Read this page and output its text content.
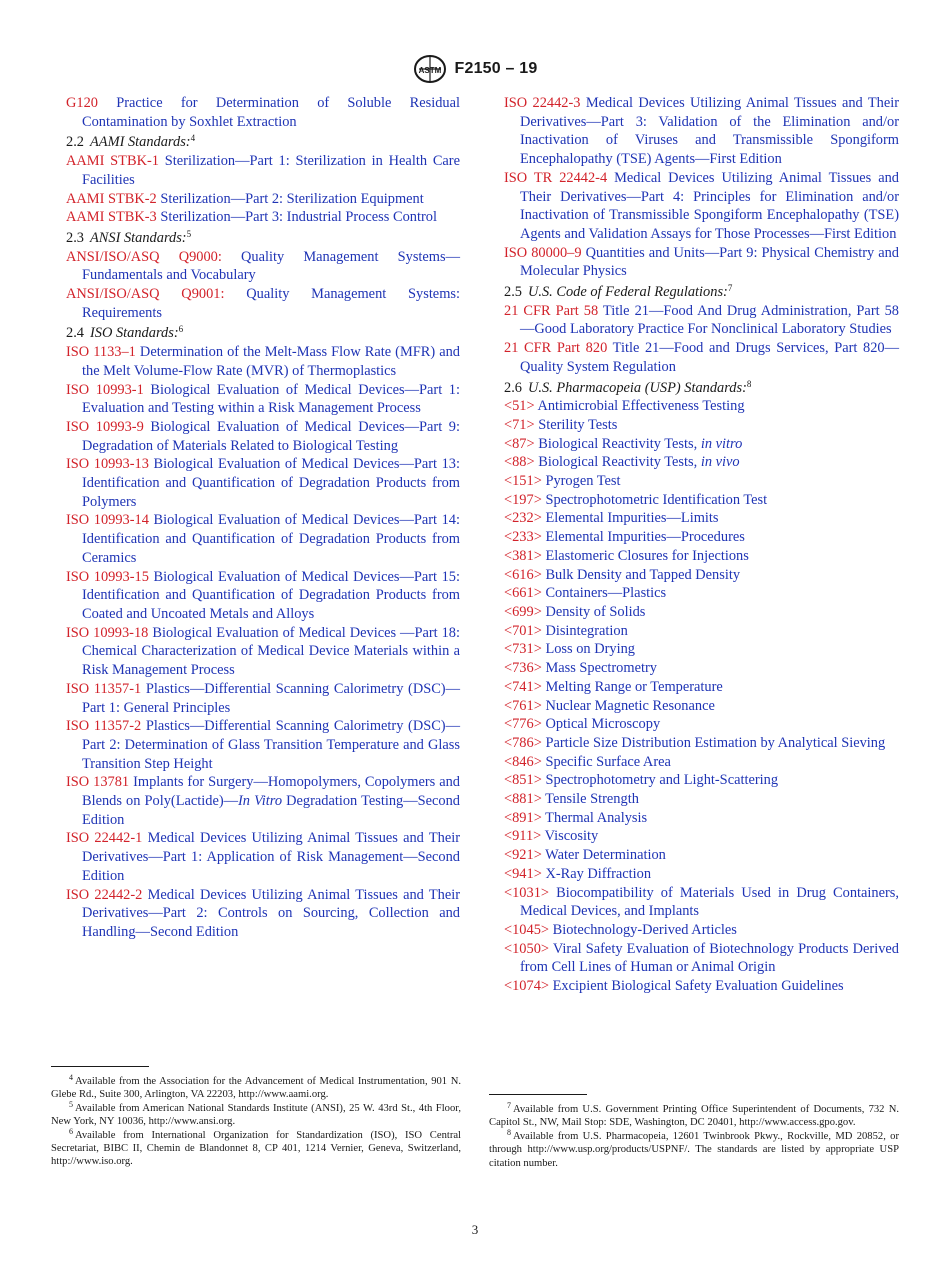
ASTM F2150 – 19
G120 Practice for Determination of Soluble Residual Contamination by Soxhlet Extraction
2.2 AAMI Standards:$^4$
AAMI STBK-1 Sterilization—Part 1: Sterilization in Health Care Facilities
AAMI STBK-2 Sterilization—Part 2: Sterilization Equipment
AAMI STBK-3 Sterilization—Part 3: Industrial Process Control
2.3 ANSI Standards:$^5$
ANSI/ISO/ASQ Q9000: Quality Management Systems—Fundamentals and Vocabulary
ANSI/ISO/ASQ Q9001: Quality Management Systems: Requirements
2.4 ISO Standards:$^6$
ISO 1133–1 Determination of the Melt-Mass Flow Rate (MFR) and the Melt Volume-Flow Rate (MVR) of Thermoplastics
ISO 10993-1 Biological Evaluation of Medical Devices—Part 1: Evaluation and Testing within a Risk Management Process
ISO 10993-9 Biological Evaluation of Medical Devices—Part 9: Degradation of Materials Related to Biological Testing
ISO 10993-13 Biological Evaluation of Medical Devices—Part 13: Identification and Quantification of Degradation Products from Polymers
ISO 10993-14 Biological Evaluation of Medical Devices—Part 14: Identification and Quantification of Degradation Products from Ceramics
ISO 10993-15 Biological Evaluation of Medical Devices—Part 15: Identification and Quantification of Degradation Products from Coated and Uncoated Metals and Alloys
ISO 10993-18 Biological Evaluation of Medical Devices —Part 18: Chemical Characterization of Medical Device Materials within a Risk Management Process
ISO 11357-1 Plastics—Differential Scanning Calorimetry (DSC)—Part 1: General Principles
ISO 11357-2 Plastics—Differential Scanning Calorimetry (DSC)—Part 2: Determination of Glass Transition Temperature and Glass Transition Step Height
ISO 13781 Implants for Surgery—Homopolymers, Copolymers and Blends on Poly(Lactide)—In Vitro Degradation Testing—Second Edition
ISO 22442-1 Medical Devices Utilizing Animal Tissues and Their Derivatives—Part 1: Application of Risk Management—Second Edition
ISO 22442-2 Medical Devices Utilizing Animal Tissues and Their Derivatives—Part 2: Controls on Sourcing, Collection and Handling—Second Edition
ISO 22442-3 Medical Devices Utilizing Animal Tissues and Their Derivatives—Part 3: Validation of the Elimination and/or Inactivation of Viruses and Transmissible Spongiform Encephalopathy (TSE) Agents—First Edition
ISO TR 22442-4 Medical Devices Utilizing Animal Tissues and Their Derivatives—Part 4: Principles for Elimination and/or Inactivation of Transmissible Spongiform Encephalopathy (TSE) Agents and Validation Assays for Those Processes—First Edition
ISO 80000–9 Quantities and Units—Part 9: Physical Chemistry and Molecular Physics
2.5 U.S. Code of Federal Regulations:$^7$
21 CFR Part 58 Title 21—Food And Drug Administration, Part 58—Good Laboratory Practice For Nonclinical Laboratory Studies
21 CFR Part 820 Title 21—Food and Drugs Services, Part 820—Quality System Regulation
2.6 U.S. Pharmacopeia (USP) Standards:$^8$
<51> Antimicrobial Effectiveness Testing
<71> Sterility Tests
<87> Biological Reactivity Tests, in vitro
<88> Biological Reactivity Tests, in vivo
<151> Pyrogen Test
<197> Spectrophotometric Identification Test
<232> Elemental Impurities—Limits
<233> Elemental Impurities—Procedures
<381> Elastomeric Closures for Injections
<616> Bulk Density and Tapped Density
<661> Containers—Plastics
<699> Density of Solids
<701> Disintegration
<731> Loss on Drying
<736> Mass Spectrometry
<741> Melting Range or Temperature
<761> Nuclear Magnetic Resonance
<776> Optical Microscopy
<786> Particle Size Distribution Estimation by Analytical Sieving
<846> Specific Surface Area
<851> Spectrophotometry and Light-Scattering
<881> Tensile Strength
<891> Thermal Analysis
<911> Viscosity
<921> Water Determination
<941> X-Ray Diffraction
<1031> Biocompatibility of Materials Used in Drug Containers, Medical Devices, and Implants
<1045> Biotechnology-Derived Articles
<1050> Viral Safety Evaluation of Biotechnology Products Derived from Cell Lines of Human or Animal Origin
<1074> Excipient Biological Safety Evaluation Guidelines
$^4$ Available from the Association for the Advancement of Medical Instrumentation, 901 N. Glebe Rd., Suite 300, Arlington, VA 22203, http://www.aami.org.
$^5$ Available from American National Standards Institute (ANSI), 25 W. 43rd St., 4th Floor, New York, NY 10036, http://www.ansi.org.
$^6$ Available from International Organization for Standardization (ISO), ISO Central Secretariat, BIBC II, Chemin de Blandonnet 8, CP 401, 1214 Vernier, Geneva, Switzerland, http://www.iso.org.
$^7$ Available from U.S. Government Printing Office Superintendent of Documents, 732 N. Capitol St., NW, Mail Stop: SDE, Washington, DC 20401, http://www.access.gpo.gov.
$^8$ Available from U.S. Pharmacopeia, 12601 Twinbrook Pkwy., Rockville, MD 20852, or through http://www.usp.org/products/USPNF/. The standards are listed by appropriate USP citation number.
3
